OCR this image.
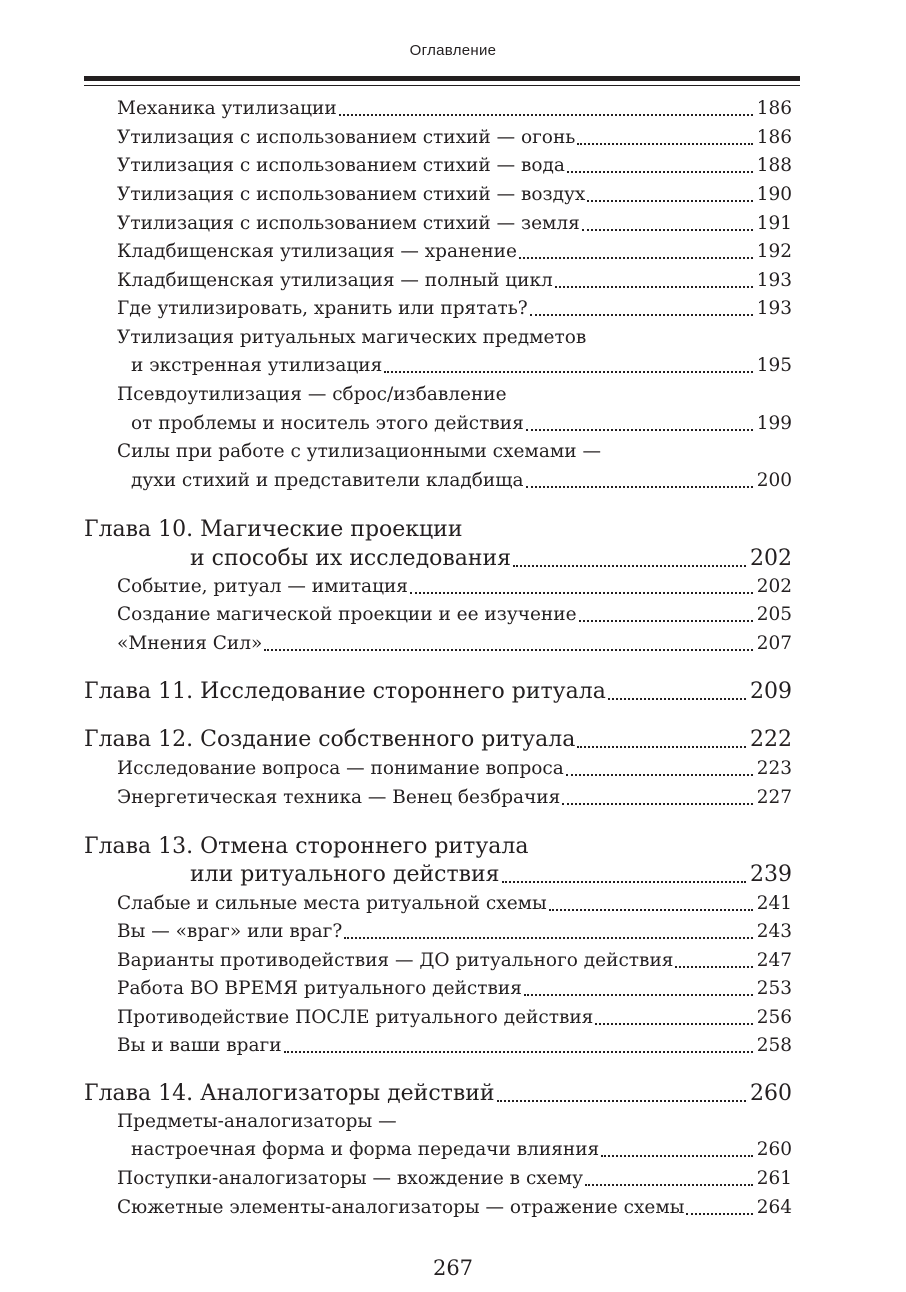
Оглавление
Механика утилизации	186
Утилизация с использованием стихий — огонь	186
Утилизация с использованием стихий — вода	188
Утилизация с использованием стихий — воздух	190
Утилизация с использованием стихий — земля	191
Кладбищенская утилизация — хранение	192
Кладбищенская утилизация — полный цикл	193
Где утилизировать, хранить или прятать?	193
Утилизация ритуальных магических предметов
и экстренная утилизация	195
Псевдоутилизация — сброс/избавление
от проблемы и носитель этого действия	199
Силы при работе с утилизационными схемами —
духи стихий и представители кладбища	200
Глава 10. Магические проекции
и способы их исследования	202
Событие, ритуал — имитация	202
Создание магической проекции и ее изучение	205
«Мнения Сил»	207
Глава 11. Исследование стороннего ритуала	209
Глава 12. Создание собственного ритуала	222
Исследование вопроса — понимание вопроса	223
Энергетическая техника — Венец безбрачия	227
Глава 13. Отмена стороннего ритуала
или ритуального действия	239
Слабые и сильные места ритуальной схемы	241
Вы — «враг» или враг?	243
Варианты противодействия — ДО ритуального действия	247
Работа ВО ВРЕМЯ ритуального действия	253
Противодействие ПОСЛЕ ритуального действия	256
Вы и ваши враги	258
Глава 14. Аналогизаторы действий	260
Предметы-аналогизаторы —
настроечная форма и форма передачи влияния	260
Поступки-аналогизаторы — вхождение в схему	261
Сюжетные элементы-аналогизаторы — отражение схемы	264
267
